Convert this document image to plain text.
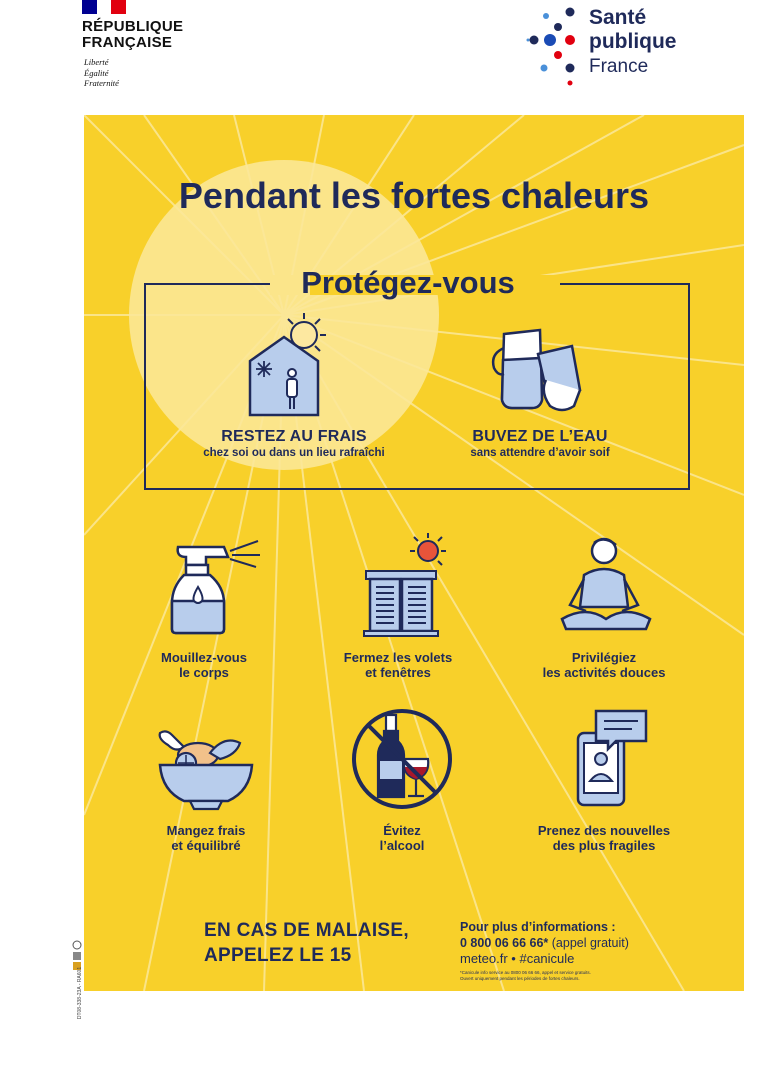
RÉPUBLIQUE
FRANÇAISE
Liberté
Égalité
Fraternité
Santé
publique
France
Pendant les fortes chaleurs
Protégez-vous
RESTEZ AU FRAIS
chez soi ou dans un lieu rafraîchi
BUVEZ DE L’EAU
sans attendre d’avoir soif
Mouillez-vous
le corps
Fermez les volets
et fenêtres
Privilégiez
les activités douces
Mangez frais
et équilibré
Évitez
l’alcool
Prenez des nouvelles
des plus fragiles
EN CAS DE MALAISE,
APPELEZ LE 15
Pour plus d’informations :
0 800 06 66 66* (appel gratuit)
meteo.fr • #canicule
*Canicule info service au 0800 06 66 66, appel et service gratuits.
Ouvert uniquement pendant les périodes de fortes chaleurs.
DT08-338-23A - RA601
